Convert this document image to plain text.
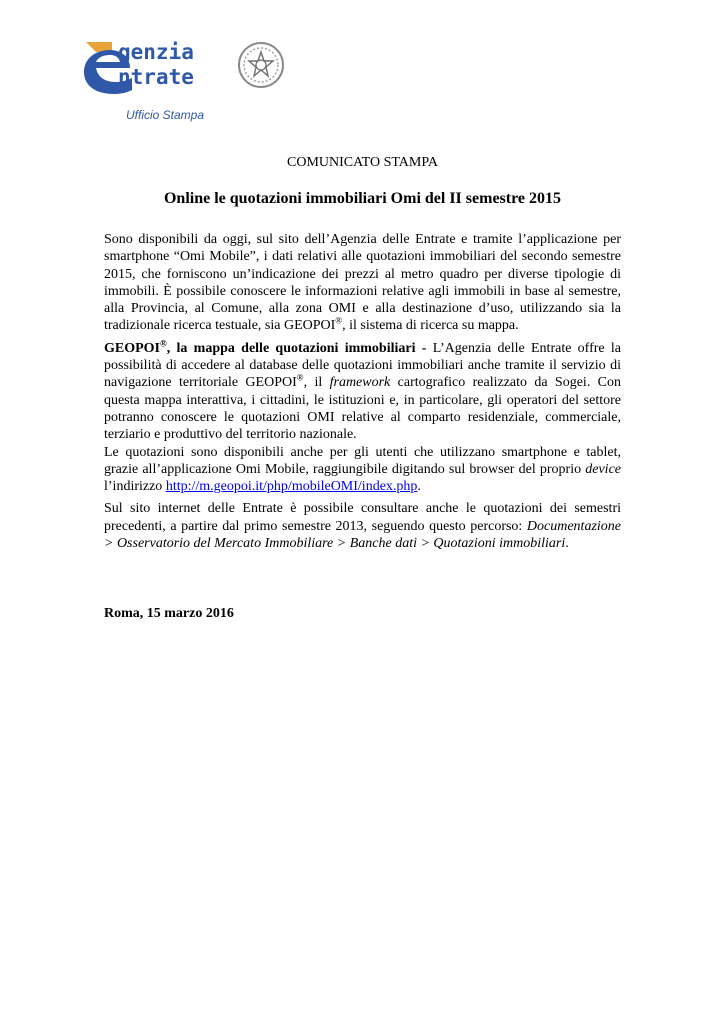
genzia
ntrate
Ufficio Stampa
COMUNICATO STAMPA
Online le quotazioni immobiliari Omi del II semestre 2015

Sono disponibili da oggi, sul sito dell’Agenzia delle Entrate e tramite l’applicazione per smartphone “Omi Mobile”, i dati relativi alle quotazioni immobiliari del secondo semestre 2015, che forniscono un’indicazione dei prezzi al metro quadro per diverse tipologie di immobili. È possibile conoscere le informazioni relative agli immobili in base al semestre, alla Provincia, al Comune, alla zona OMI e alla destinazione d’uso, utilizzando sia la tradizionale ricerca testuale, sia GEOPOI®, il sistema di ricerca su mappa.

GEOPOI®, la mappa delle quotazioni immobiliari - L’Agenzia delle Entrate offre la possibilità di accedere al database delle quotazioni immobiliari anche tramite il servizio di navigazione territoriale GEOPOI®, il framework cartografico realizzato da Sogei. Con questa mappa interattiva, i cittadini, le istituzioni e, in particolare, gli operatori del settore potranno conoscere le quotazioni OMI relative al comparto residenziale, commerciale, terziario e produttivo del territorio nazionale.

Le quotazioni sono disponibili anche per gli utenti che utilizzano smartphone e tablet, grazie all’applicazione Omi Mobile, raggiungibile digitando sul browser del proprio device l’indirizzo http://m.geopoi.it/php/mobileOMI/index.php.

Sul sito internet delle Entrate è possibile consultare anche le quotazioni dei semestri precedenti, a partire dal primo semestre 2013, seguendo questo percorso: Documentazione > Osservatorio del Mercato Immobiliare > Banche dati > Quotazioni immobiliari.

Roma, 15 marzo 2016
